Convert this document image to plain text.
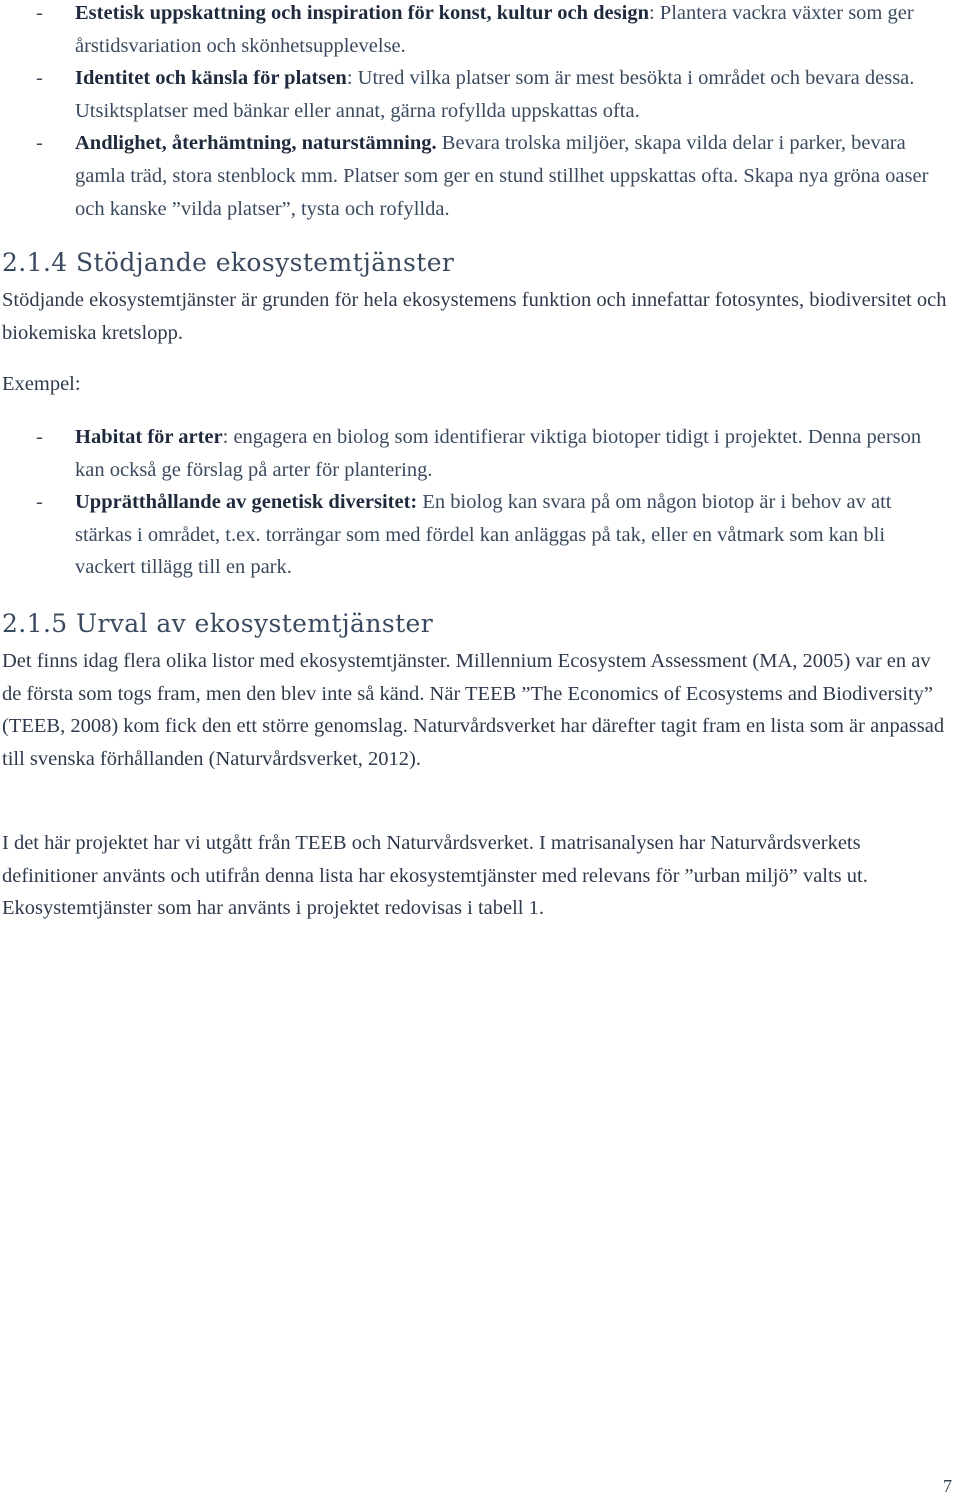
- Estetisk uppskattning och inspiration för konst, kultur och design: Plantera vackra växter som ger årstidsvariation och skönhetsupplevelse.
- Identitet och känsla för platsen: Utred vilka platser som är mest besökta i området och bevara dessa. Utsiktsplatser med bänkar eller annat, gärna rofyllda uppskattas ofta.
- Andlighet, återhämtning, naturstämning. Bevara trolska miljöer, skapa vilda delar i parker, bevara gamla träd, stora stenblock mm. Platser som ger en stund stillhet uppskattas ofta. Skapa nya gröna oaser och kanske ”vilda platser”, tysta och rofyllda.
2.1.4 Stödjande ekosystemtjänster

Stödjande ekosystemtjänster är grunden för hela ekosystemens funktion och innefattar fotosyntes, biodiversitet och biokemiska kretslopp.

Exempel:

- Habitat för arter: engagera en biolog som identifierar viktiga biotoper tidigt i projektet. Denna person kan också ge förslag på arter för plantering.
- Upprätthållande av genetisk diversitet: En biolog kan svara på om någon biotop är i behov av att stärkas i området, t.ex. torrängar som med fördel kan anläggas på tak, eller en våtmark som kan bli vackert tillägg till en park.
2.1.5 Urval av ekosystemtjänster

Det finns idag flera olika listor med ekosystemtjänster. Millennium Ecosystem Assessment (MA, 2005) var en av de första som togs fram, men den blev inte så känd. När TEEB ”The Economics of Ecosystems and Biodiversity” (TEEB, 2008) kom fick den ett större genomslag. Naturvårdsverket har därefter tagit fram en lista som är anpassad till svenska förhållanden (Naturvårdsverket, 2012).

I det här projektet har vi utgått från TEEB och Naturvårdsverket. I matrisanalysen har Naturvårdsverkets definitioner använts och utifrån denna lista har ekosystemtjänster med relevans för ”urban miljö” valts ut. Ekosystemtjänster som har använts i projektet redovisas i tabell 1.

7
